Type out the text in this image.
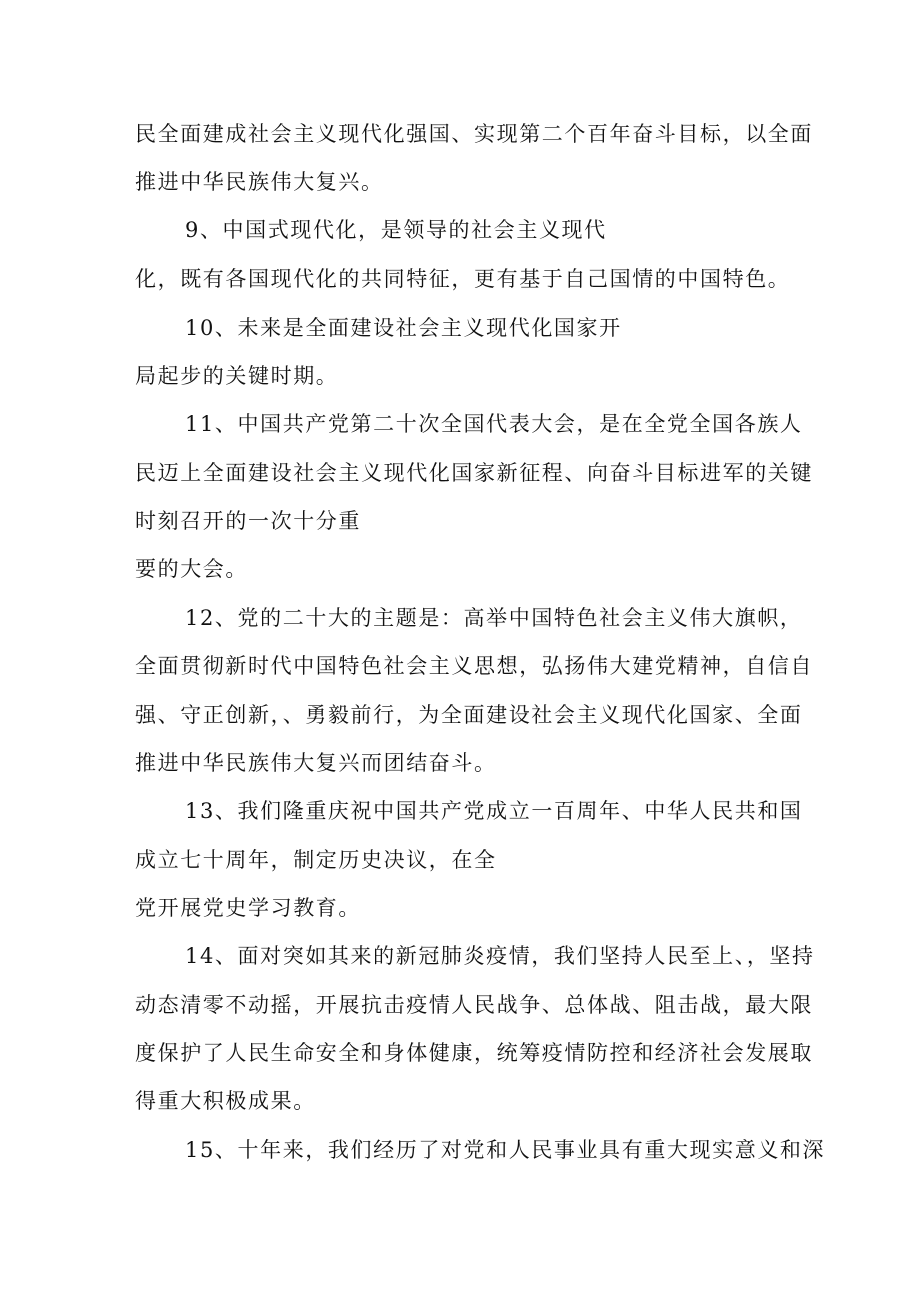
民全面建成社会主义现代化强国、实现第二个百年奋斗目标，以全面
推进中华民族伟大复兴。
9、中国式现代化，是领导的社会主义现代
化，既有各国现代化的共同特征，更有基于自己国情的中国特色。
10、未来是全面建设社会主义现代化国家开
局起步的关键时期。
11、中国共产党第二十次全国代表大会，是在全党全国各族人
民迈上全面建设社会主义现代化国家新征程、向奋斗目标进军的关键
时刻召开的一次十分重
要的大会。
12、党的二十大的主题是：高举中国特色社会主义伟大旗帜，
全面贯彻新时代中国特色社会主义思想，弘扬伟大建党精神，自信自
强、守正创新，、勇毅前行，为全面建设社会主义现代化国家、全面
推进中华民族伟大复兴而团结奋斗。
13、我们隆重庆祝中国共产党成立一百周年、中华人民共和国
成立七十周年，制定历史决议，在全
党开展党史学习教育。
14、面对突如其来的新冠肺炎疫情，我们坚持人民至上、，坚持
动态清零不动摇，开展抗击疫情人民战争、总体战、阻击战，最大限
度保护了人民生命安全和身体健康，统筹疫情防控和经济社会发展取
得重大积极成果。
15、十年来，我们经历了对党和人民事业具有重大现实意义和深
